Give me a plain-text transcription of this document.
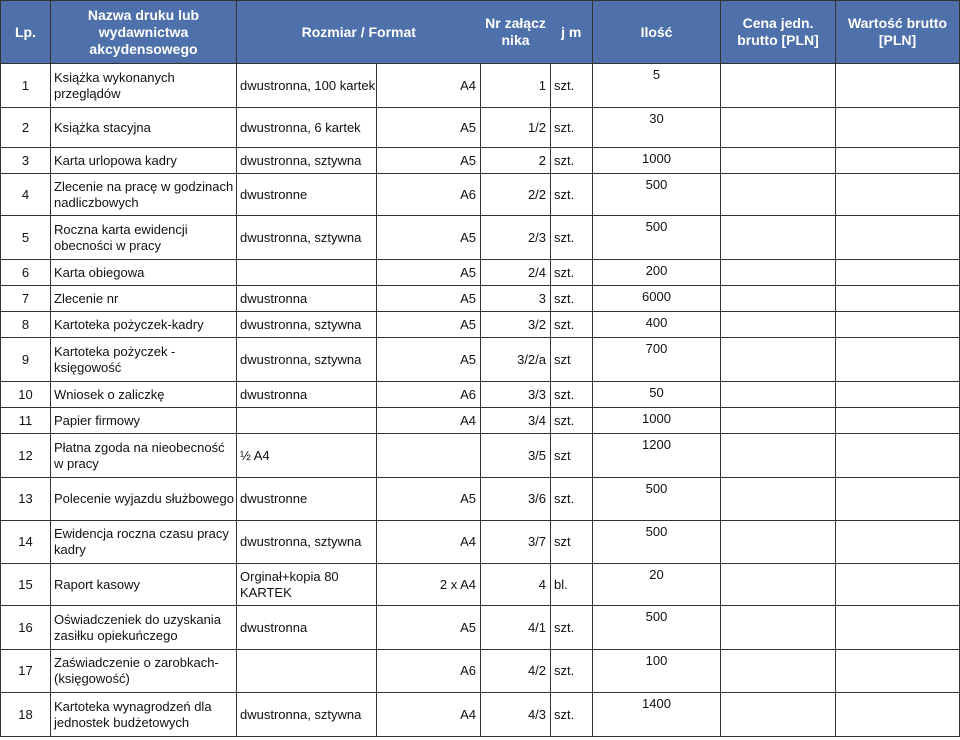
Lp.	Nazwa druku lub wydawnictwa akcydensowego	Rozmiar / Format		Nr załącz nika	j m	Ilość	Cena jedn. brutto [PLN]	Wartość brutto [PLN]
1	Książka wykonanych przeglądów	dwustronna, 100 kartek	A4	1	szt.	5		
2	Książka stacyjna	dwustronna, 6 kartek	A5	1/2	szt.	30		
3	Karta urlopowa kadry	dwustronna, sztywna	A5	2	szt.	1000		
4	Zlecenie na pracę w godzinach nadliczbowych	dwustronne	A6	2/2	szt.	500		
5	Roczna karta ewidencji obecności w pracy	dwustronna, sztywna	A5	2/3	szt.	500		
6	Karta obiegowa		A5	2/4	szt.	200		
7	Zlecenie nr	dwustronna	A5	3	szt.	6000		
8	Kartoteka pożyczek-kadry	dwustronna, sztywna	A5	3/2	szt.	400		
9	Kartoteka pożyczek - księgowość	dwustronna, sztywna	A5	3/2/a	szt	700		
10	Wniosek o zaliczkę	dwustronna	A6	3/3	szt.	50		
11	Papier firmowy		A4	3/4	szt.	1000		
12	Płatna zgoda na nieobecność w pracy	½ A4		3/5	szt	1200		
13	Polecenie wyjazdu służbowego	dwustronne	A5	3/6	szt.	500		
14	Ewidencja roczna czasu pracy kadry	dwustronna, sztywna	A4	3/7	szt	500		
15	Raport kasowy	Orginał+kopia 80 KARTEK	2 x A4	4	bl.	20		
16	Oświadczeniek do uzyskania zasiłku opiekuńczego	dwustronna	A5	4/1	szt.	500		
17	Zaświadczenie o zarobkach- (księgowość)		A6	4/2	szt.	100		
18	Kartoteka wynagrodzeń dla jednostek budżetowych	dwustronna, sztywna	A4	4/3	szt.	1400		
